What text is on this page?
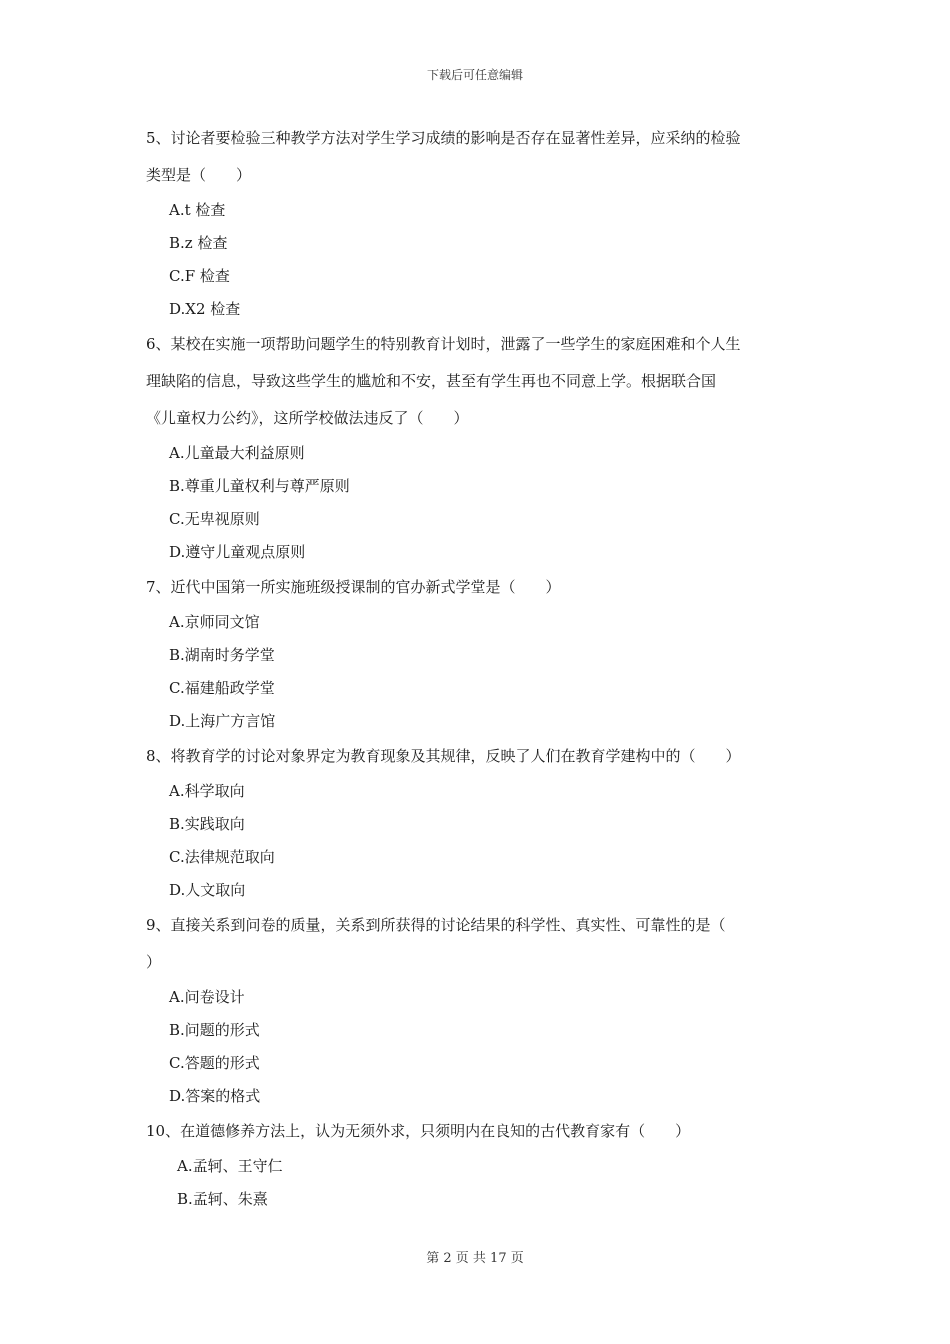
下载后可任意编辑
5、讨论者要检验三种教学方法对学生学习成绩的影响是否存在显著性差异，应采纳的检验
类型是（　　）
A.t 检查
B.z 检查
C.F 检查
D.X2 检查
6、某校在实施一项帮助问题学生的特别教育计划时，泄露了一些学生的家庭困难和个人生
理缺陷的信息，导致这些学生的尴尬和不安，甚至有学生再也不同意上学。根据联合国
《儿童权力公约》，这所学校做法违反了（　　）
A.儿童最大利益原则
B.尊重儿童权利与尊严原则
C.无卑视原则
D.遵守儿童观点原则
7、近代中国第一所实施班级授课制的官办新式学堂是（　　）
A.京师同文馆
B.湖南时务学堂
C.福建船政学堂
D.上海广方言馆
8、将教育学的讨论对象界定为教育现象及其规律，反映了人们在教育学建构中的（　　）
A.科学取向
B.实践取向
C.法律规范取向
D.人文取向
9、直接关系到问卷的质量，关系到所获得的讨论结果的科学性、真实性、可靠性的是（
）
A.问卷设计
B.问题的形式
C.答题的形式
D.答案的格式
10、在道德修养方法上，认为无须外求，只须明内在良知的古代教育家有（　　）
A.孟轲、王守仁
B.孟轲、朱熹
第 2 页 共 17 页
